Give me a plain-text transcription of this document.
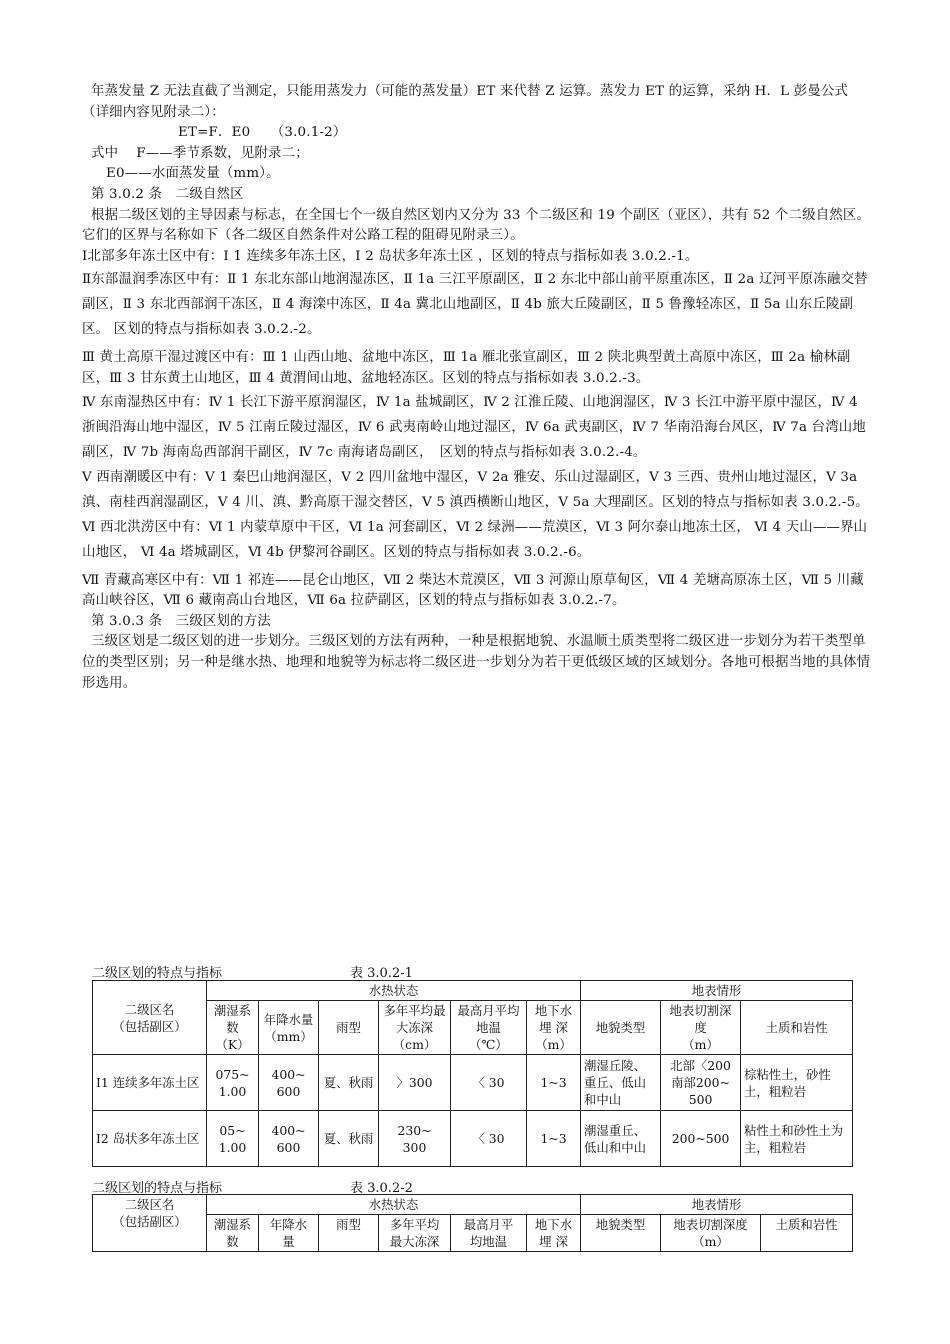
年蒸发量 Z 无法直截了当测定，只能用蒸发力（可能的蒸发量）ET 来代替 Z 运算。蒸发力 ET 的运算，采纳 H．L 彭曼公式（详细内容见附录二）：

ET=F．E0　　（3.0.1-2）

式中　 F——季节系数，见附录二；

E0——水面蒸发量（mm）。

第 3.0.2 条　二级自然区

根据二级区划的主导因素与标志，在全国七个一级自然区划内又分为 33 个二级区和 19 个副区（亚区），共有 52 个二级自然区。它们的区界与名称如下（各二级区自然条件对公路工程的阻碍见附录三）。

Ⅰ北部多年冻土区中有：Ⅰ 1 连续多年冻土区，Ⅰ 2 岛状多年冻土区 ，区划的特点与指标如表 3.0.2.-1。

Ⅱ东部温润季冻区中有：Ⅱ 1 东北东部山地润湿冻区，Ⅱ 1a 三江平原副区，Ⅱ 2 东北中部山前平原重冻区，Ⅱ 2a 辽河平原冻融交替副区，Ⅱ 3 东北西部润干冻区，Ⅱ 4 海滦中冻区，Ⅱ 4a 冀北山地副区，Ⅱ 4b 旅大丘陵副区，Ⅱ 5 鲁豫轻冻区，Ⅱ 5a 山东丘陵副区。 区划的特点与指标如表 3.0.2.-2。

Ⅲ 黄土高原干湿过渡区中有：Ⅲ 1 山西山地、盆地中冻区，Ⅲ 1a 雁北张宣副区，Ⅲ 2 陕北典型黄土高原中冻区，Ⅲ 2a 榆林副区，Ⅲ 3 甘东黄土山地区，Ⅲ 4 黄渭间山地、盆地轻冻区。区划的特点与指标如表 3.0.2.-3。

Ⅳ 东南湿热区中有：Ⅳ 1 长江下游平原润湿区，Ⅳ 1a 盐城副区，Ⅳ 2 江淮丘陵、山地润湿区，Ⅳ 3 长江中游平原中湿区，Ⅳ 4 浙闽沿海山地中湿区，Ⅳ 5 江南丘陵过湿区，Ⅳ 6 武夷南岭山地过湿区，Ⅳ 6a 武夷副区，Ⅳ 7 华南沿海台风区，Ⅳ 7a 台湾山地副区，Ⅳ 7b 海南岛西部润干副区，Ⅳ 7c 南海诸岛副区，　区划的特点与指标如表 3.0.2.-4。

Ⅴ 西南潮暖区中有：Ⅴ 1 秦巴山地润湿区，Ⅴ 2 四川盆地中湿区，Ⅴ 2a 雅安、乐山过湿副区，Ⅴ 3 三西、贵州山地过湿区，Ⅴ 3a 滇、南桂西润湿副区，Ⅴ 4 川、滇、黔高原干湿交替区，Ⅴ 5 滇西横断山地区，Ⅴ 5a 大理副区。区划的特点与指标如表 3.0.2.-5。

Ⅵ 西北洪涝区中有：Ⅵ 1 内蒙草原中干区，Ⅵ 1a 河套副区，Ⅵ 2 绿洲——荒漠区，Ⅵ 3 阿尔泰山地冻土区， Ⅵ 4 天山——界山山地区， Ⅵ 4a 塔城副区，Ⅵ 4b 伊黎河谷副区。区划的特点与指标如表 3.0.2.-6。

Ⅶ 青藏高寒区中有：Ⅶ 1 祁连——昆仑山地区，Ⅶ 2 柴达木荒漠区，Ⅶ 3 河源山原草甸区，Ⅶ 4 羌塘高原冻土区，Ⅶ 5 川藏高山峡谷区，Ⅶ 6 藏南高山台地区，Ⅶ 6a 拉萨副区，区划的特点与指标如表 3.0.2.-7。

第 3.0.3 条　三级区划的方法

三级区划是二级区划的进一步划分。三级区划的方法有两种，一种是根据地貌、水温顺土质类型将二级区进一步划分为若干类型单位的类型区别；另一种是继水热、地理和地貌等为标志将二级区进一步划分为若干更低级区域的区域划分。各地可根据当地的具体情形选用。

二级区划的特点与指标	表 3.0.2-1
二级区名
（包括副区）	水热状态						地表情形		
	潮湿系数
（K）	年降水量
（mm）	雨型	多年平均最大冻深
（cm）	最高月平均地温
（℃）	地下水埋 深
（m）	地貌类型	地表切割深度
（m）	土质和岩性
Ⅰ1 连续多年冻土区	075~
1.00	400~
600	夏、秋雨	〉300	〈 30	1~3	潮湿丘陵、重丘、低山和中山	北部〈200
南部200~
500	棕粘性土，砂性土，粗粒岩
Ⅰ2 岛状多年冻土区	05~
1.00	400~
600	夏、秋雨	230~
300	〈 30	1~3	潮湿重丘、低山和中山	200~500	粘性土和砂性土为主，粗粒岩
二级区划的特点与指标	表 3.0.2-2
二级区名
（包括副区）	水热状态						地表情形		
	潮湿系
数	年降水
量	雨型	多年平均
最大冻深	最高月平
均地温	地下水
埋 深	地貌类型	地表切割深度
（m）	土质和岩性
